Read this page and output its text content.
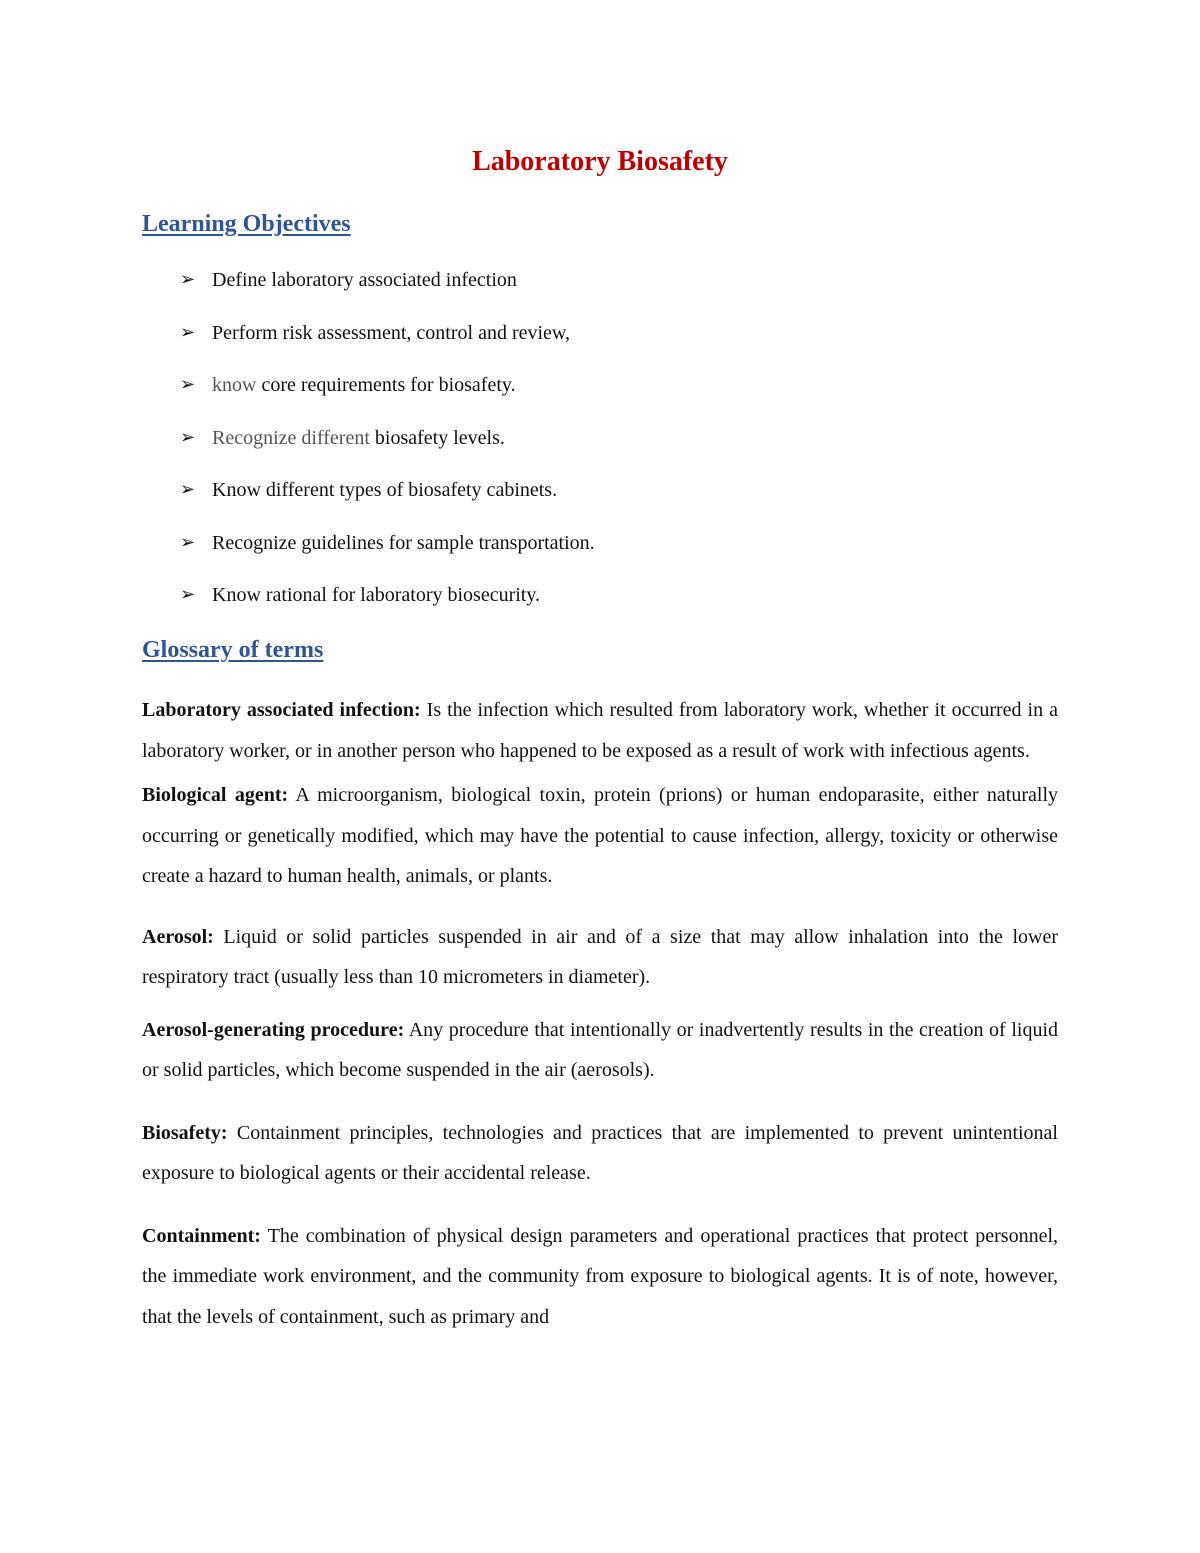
Laboratory Biosafety
Learning Objectives
➢ Define laboratory associated infection
➢ Perform risk assessment, control and review,
➢ know core requirements for biosafety.
➢ Recognize different biosafety levels.
➢ Know different types of biosafety cabinets.
➢ Recognize guidelines for sample transportation.
➢ Know rational for laboratory biosecurity.
Glossary of terms

Laboratory associated infection: Is the infection which resulted from laboratory work, whether it occurred in a laboratory worker, or in another person who happened to be exposed as a result of work with infectious agents.

Biological agent: A microorganism, biological toxin, protein (prions) or human endoparasite, either naturally occurring or genetically modified, which may have the potential to cause infection, allergy, toxicity or otherwise create a hazard to human health, animals, or plants.

Aerosol: Liquid or solid particles suspended in air and of a size that may allow inhalation into the lower respiratory tract (usually less than 10 micrometers in diameter).

Aerosol-generating procedure: Any procedure that intentionally or inadvertently results in the creation of liquid or solid particles, which become suspended in the air (aerosols).

Biosafety: Containment principles, technologies and practices that are implemented to prevent unintentional exposure to biological agents or their accidental release.

Containment: The combination of physical design parameters and operational practices that protect personnel, the immediate work environment, and the community from exposure to biological agents. It is of note, however, that the levels of containment, such as primary and
